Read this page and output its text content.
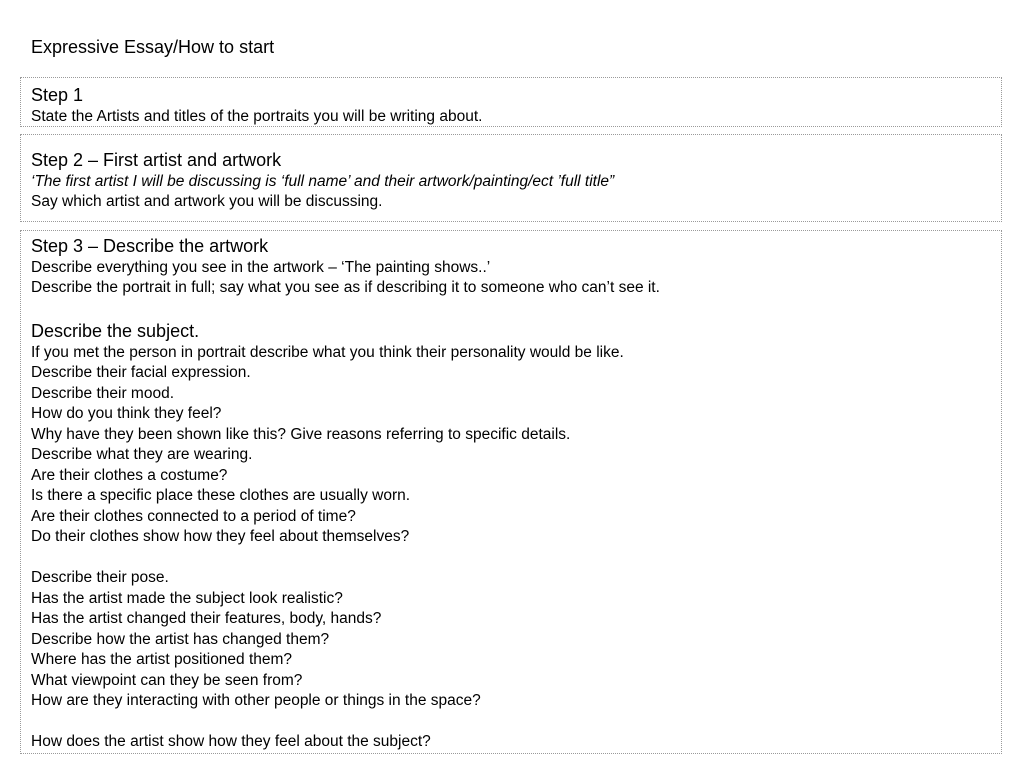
Expressive Essay/How to start
Step 1
State the Artists and titles of the portraits you will be writing about.
Step 2 – First artist and artwork
‘The first artist I will be discussing is ‘full name’ and their artwork/painting/ect ’full title”
Say which artist and artwork you will be discussing.
Step 3 – Describe the artwork
Describe everything you see in the artwork – ‘The painting shows..’
Describe the portrait in full; say what you see as if describing it to someone who can’t see it.
Describe the subject.
If you met the person in portrait describe what you think their personality would be like.
Describe their facial expression.
Describe their mood.
How do you think they feel?
Why have they been shown like this? Give reasons referring to specific details.
Describe what they are wearing.
Are their clothes a costume?
Is there a specific place these clothes are usually worn.
Are their clothes connected to a period of time?
Do their clothes show how they feel about themselves?
Describe their pose.
Has the artist made the subject look realistic?
Has the artist changed their features, body, hands?
Describe how the artist has changed them?
Where has the artist positioned them?
What viewpoint can they be seen from?
How are they interacting with other people or things in the space?
How does the artist show how they feel about the subject?
